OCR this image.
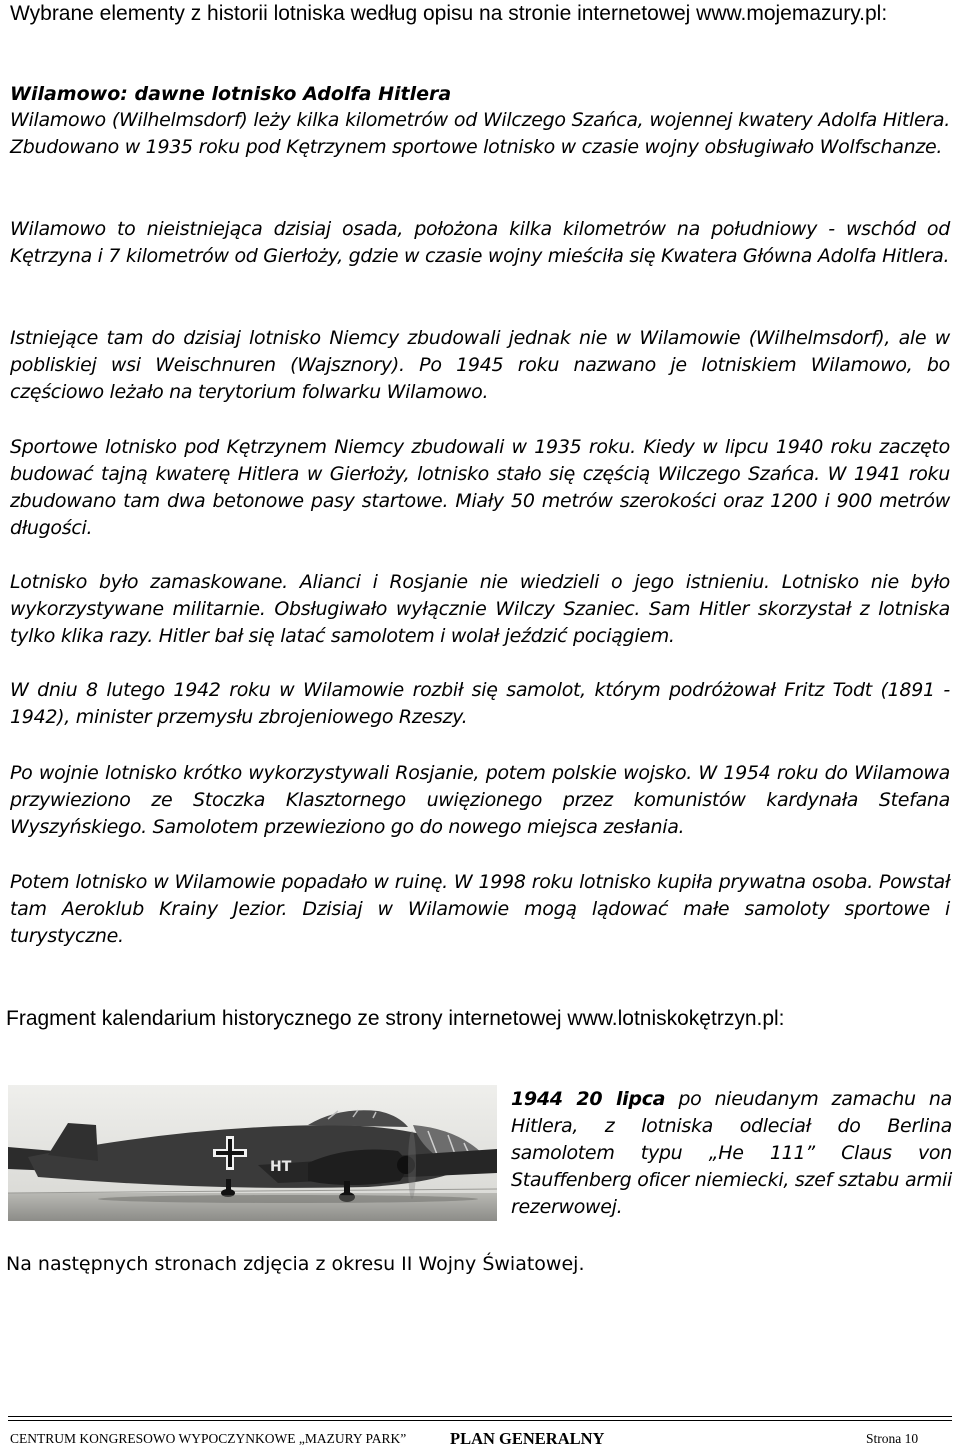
Wybrane elementy z historii lotniska według opisu na stronie internetowej www.mojemazury.pl:
Wilamowo: dawne lotnisko Adolfa Hitlera
Wilamowo (Wilhelmsdorf) leży kilka kilometrów od Wilczego Szańca, wojennej kwatery Adolfa Hitlera. Zbudowano w 1935 roku pod Kętrzynem sportowe lotnisko w czasie wojny obsługiwało Wolfschanze.
Wilamowo to nieistniejąca dzisiaj osada, położona kilka kilometrów na południowy - wschód od Kętrzyna i 7 kilometrów od Gierłoży, gdzie w czasie wojny mieściła się Kwatera Główna Adolfa Hitlera.
Istniejące tam do dzisiaj lotnisko Niemcy zbudowali jednak nie w Wilamowie (Wilhelmsdorf), ale w pobliskiej wsi Weischnuren (Wajsznory). Po 1945 roku nazwano je lotniskiem Wilamowo, bo częściowo leżało na terytorium folwarku Wilamowo.
Sportowe lotnisko pod Kętrzynem Niemcy zbudowali w 1935 roku. Kiedy w lipcu 1940 roku zaczęto budować tajną kwaterę Hitlera w Gierłoży, lotnisko stało się częścią Wilczego Szańca. W 1941 roku zbudowano tam dwa betonowe pasy startowe. Miały 50 metrów szerokości oraz 1200 i 900 metrów długości.
Lotnisko było zamaskowane. Alianci i Rosjanie nie wiedzieli o jego istnieniu. Lotnisko nie było wykorzystywane militarnie. Obsługiwało wyłącznie Wilczy Szaniec. Sam Hitler skorzystał z lotniska tylko klika razy. Hitler bał się latać samolotem i wolał jeździć pociągiem.
W dniu 8 lutego 1942 roku w Wilamowie rozbił się samolot, którym podróżował Fritz Todt (1891 - 1942), minister przemysłu zbrojeniowego Rzeszy.
Po wojnie lotnisko krótko wykorzystywali Rosjanie, potem polskie wojsko. W 1954 roku do Wilamowa przywieziono ze Stoczka Klasztornego uwięzionego przez komunistów kardynała Stefana Wyszyńskiego. Samolotem przewieziono go do nowego miejsca zesłania.
Potem lotnisko w Wilamowie popadało w ruinę. W 1998 roku lotnisko kupiła prywatna osoba. Powstał tam Aeroklub Krainy Jezior. Dzisiaj w Wilamowie mogą lądować małe samoloty sportowe i turystyczne.
Fragment kalendarium historycznego ze strony internetowej www.lotniskokętrzyn.pl:
HT
1944 20 lipca po nieudanym zamachu na Hitlera, z lotniska odleciał do Berlina samolotem typu „He 111” Claus von Stauffenberg oficer niemiecki, szef sztabu armii rezerwowej.
Na następnych stronach zdjęcia z okresu II Wojny Światowej.
CENTRUM KONGRESOWO WYPOCZYNKOWE „MAZURY PARK”	PLAN GENERALNY	Strona 10
